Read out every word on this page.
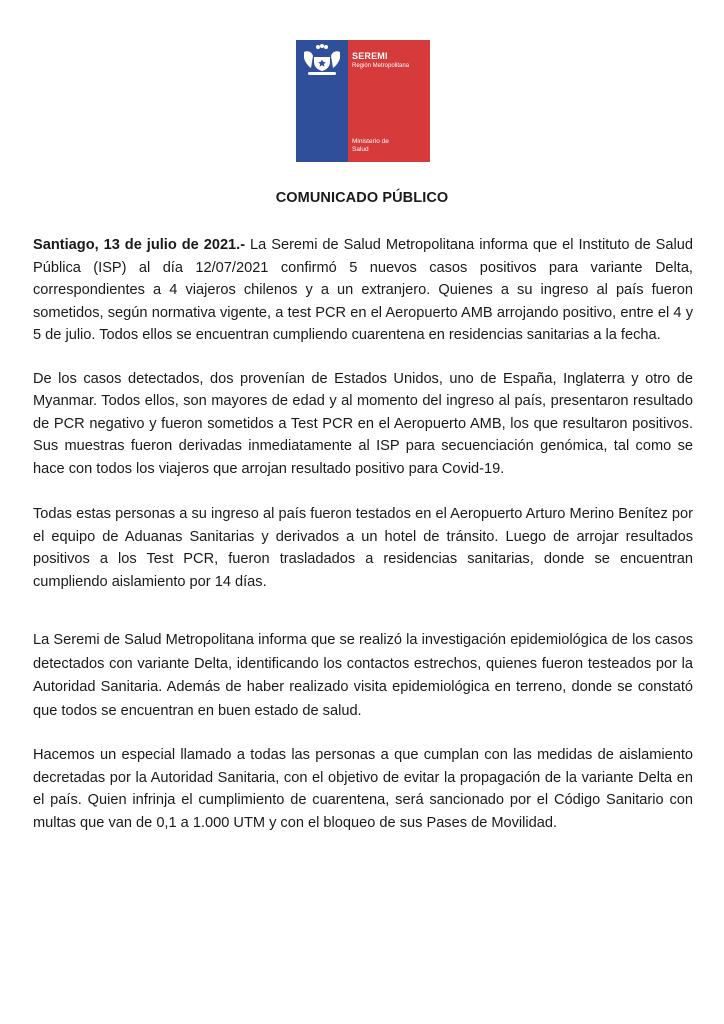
SEREMI
Región Metropolitana
Ministerio de
Salud
COMUNICADO PÚBLICO

Santiago, 13 de julio de 2021.- La Seremi de Salud Metropolitana informa que el Instituto de Salud Pública (ISP) al día 12/07/2021 confirmó 5 nuevos casos positivos para variante Delta, correspondientes a 4 viajeros chilenos y a un extranjero. Quienes a su ingreso al país fueron sometidos, según normativa vigente, a test PCR en el Aeropuerto AMB arrojando positivo, entre el 4 y 5 de julio. Todos ellos se encuentran cumpliendo cuarentena en residencias sanitarias a la fecha.

De los casos detectados, dos provenían de Estados Unidos, uno de España, Inglaterra y otro de Myanmar. Todos ellos, son mayores de edad y al momento del ingreso al país, presentaron resultado de PCR negativo y fueron sometidos a Test PCR en el Aeropuerto AMB, los que resultaron positivos. Sus muestras fueron derivadas inmediatamente al ISP para secuenciación genómica, tal como se hace con todos los viajeros que arrojan resultado positivo para Covid-19.

Todas estas personas a su ingreso al país fueron testados en el Aeropuerto Arturo Merino Benítez por el equipo de Aduanas Sanitarias y derivados a un hotel de tránsito. Luego de arrojar resultados positivos a los Test PCR, fueron trasladados a residencias sanitarias, donde se encuentran cumpliendo aislamiento por 14 días.

La Seremi de Salud Metropolitana informa que se realizó la investigación epidemiológica de los casos detectados con variante Delta, identificando los contactos estrechos, quienes fueron testeados por la Autoridad Sanitaria. Además de haber realizado visita epidemiológica en terreno, donde se constató que todos se encuentran en buen estado de salud.

Hacemos un especial llamado a todas las personas a que cumplan con las medidas de aislamiento decretadas por la Autoridad Sanitaria, con el objetivo de evitar la propagación de la variante Delta en el país. Quien infrinja el cumplimiento de cuarentena, será sancionado por el Código Sanitario con multas que van de 0,1 a 1.000 UTM y con el bloqueo de sus Pases de Movilidad.
